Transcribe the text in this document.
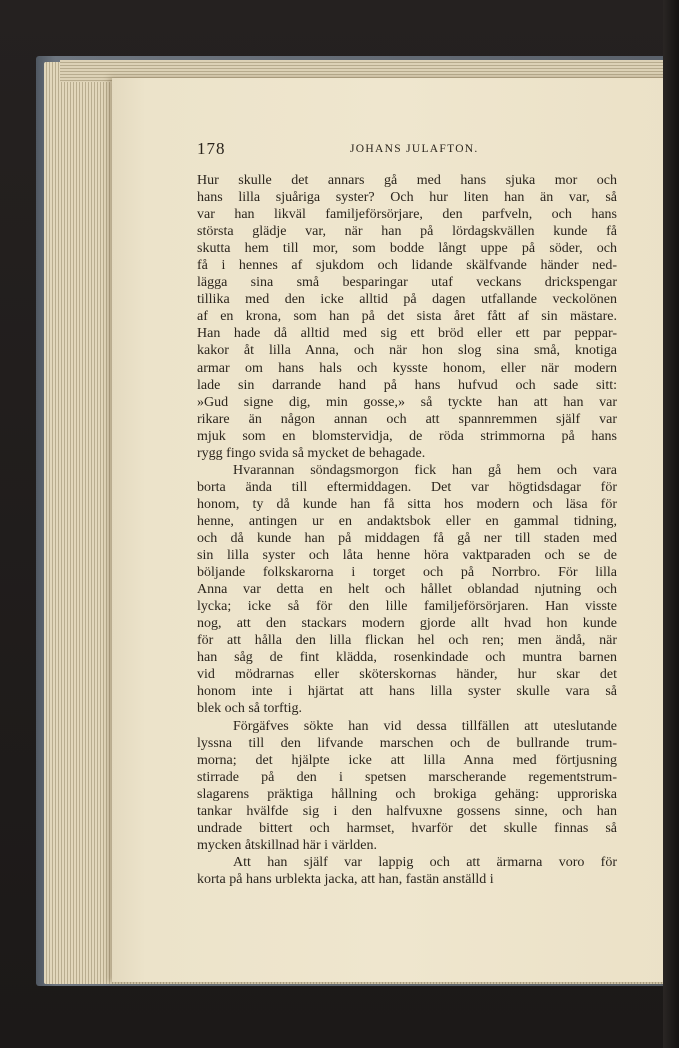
178	JOHANS JULAFTON.
Hur skulle det annars gå med hans sjuka mor och
hans lilla sjuåriga syster? Och hur liten han än var, så
var han likväl familjeförsörjare, den parfveln, och hans
största glädje var, när han på lördagskvällen kunde få
skutta hem till mor, som bodde långt uppe på söder, och
få i hennes af sjukdom och lidande skälfvande händer ned-
lägga sina små besparingar utaf veckans drickspengar
tillika med den icke alltid på dagen utfallande veckolönen
af en krona, som han på det sista året fått af sin mästare.
Han hade då alltid med sig ett bröd eller ett par peppar-
kakor åt lilla Anna, och när hon slog sina små, knotiga
armar om hans hals och kysste honom, eller när modern
lade sin darrande hand på hans hufvud och sade sitt:
»Gud signe dig, min gosse,» så tyckte han att han var
rikare än någon annan och att spannremmen själf var
mjuk som en blomstervidja, de röda strimmorna på hans
rygg fingo svida så mycket de behagade.
Hvarannan söndagsmorgon fick han gå hem och vara
borta ända till eftermiddagen. Det var högtidsdagar för
honom, ty då kunde han få sitta hos modern och läsa för
henne, antingen ur en andaktsbok eller en gammal tidning,
och då kunde han på middagen få gå ner till staden med
sin lilla syster och låta henne höra vaktparaden och se de
böljande folkskarorna i torget och på Norrbro. För lilla
Anna var detta en helt och hållet oblandad njutning och
lycka; icke så för den lille familjeförsörjaren. Han visste
nog, att den stackars modern gjorde allt hvad hon kunde
för att hålla den lilla flickan hel och ren; men ändå, när
han såg de fint klädda, rosenkindade och muntra barnen
vid mödrarnas eller sköterskornas händer, hur skar det
honom inte i hjärtat att hans lilla syster skulle vara så
blek och så torftig.
Förgäfves sökte han vid dessa tillfällen att uteslutande
lyssna till den lifvande marschen och de bullrande trum-
morna; det hjälpte icke att lilla Anna med förtjusning
stirrade på den i spetsen marscherande regementstrum-
slagarens präktiga hållning och brokiga gehäng: upproriska
tankar hvälfde sig i den halfvuxne gossens sinne, och han
undrade bittert och harmset, hvarför det skulle finnas så
mycken åtskillnad här i världen.
Att han själf var lappig och att ärmarna voro för
korta på hans urblekta jacka, att han, fastän anställd i
